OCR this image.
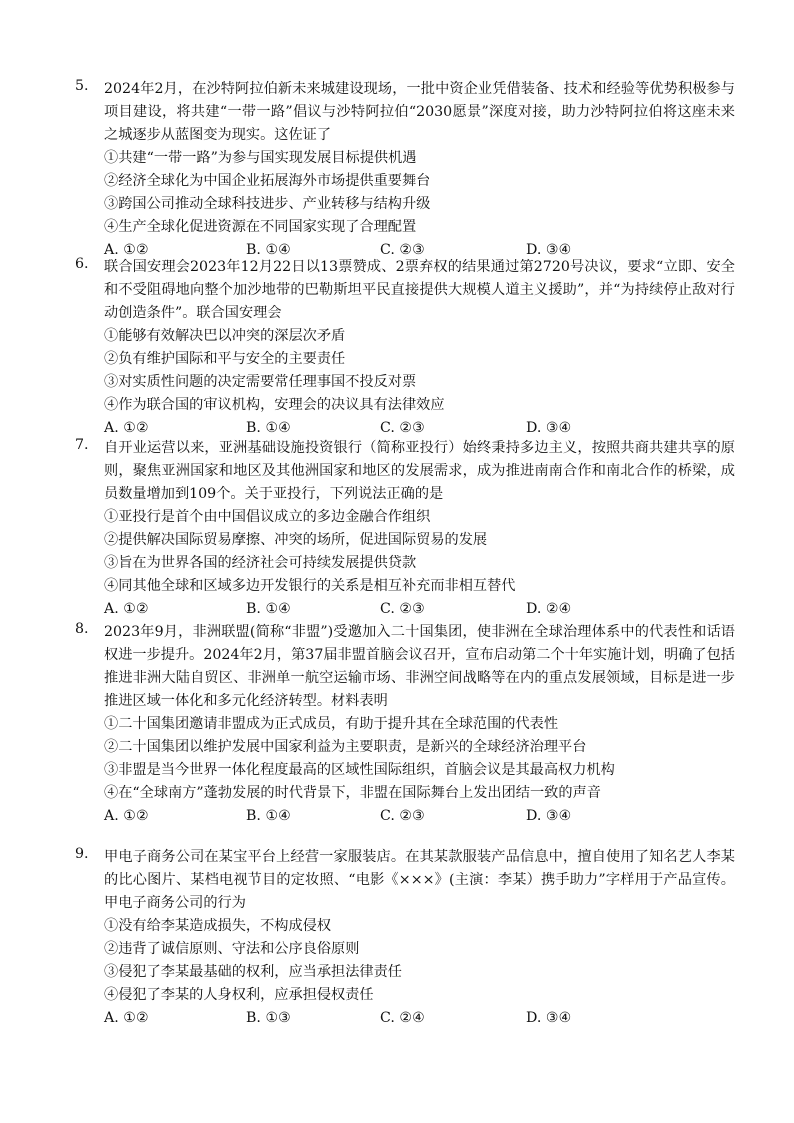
5.	2024年2月，在沙特阿拉伯新未来城建设现场，一批中资企业凭借装备、技术和经验等优势积极参与项目建设，将共建“一带一路”倡议与沙特阿拉伯“2030愿景”深度对接，助力沙特阿拉伯将这座未来之城逐步从蓝图变为现实。这佐证了

①共建“一带一路”为参与国实现发展目标提供机遇
②经济全球化为中国企业拓展海外市场提供重要舞台
③跨国公司推动全球科技进步、产业转移与结构升级
④生产全球化促进资源在不同国家实现了合理配置
A. ①②	B. ①④	C. ②③	D. ③④
6.	联合国安理会2023年12月22日以13票赞成、2票弃权的结果通过第2720号决议，要求“立即、安全和不受阻碍地向整个加沙地带的巴勒斯坦平民直接提供大规模人道主义援助”，并“为持续停止敌对行动创造条件”。联合国安理会

①能够有效解决巴以冲突的深层次矛盾
②负有维护国际和平与安全的主要责任
③对实质性问题的决定需要常任理事国不投反对票
④作为联合国的审议机构，安理会的决议具有法律效应
A. ①②	B. ①④	C. ②③	D. ③④
7.	自开业运营以来，亚洲基础设施投资银行（简称亚投行）始终秉持多边主义，按照共商共建共享的原则，聚焦亚洲国家和地区及其他洲国家和地区的发展需求，成为推进南南合作和南北合作的桥梁，成员数量增加到109个。关于亚投行，下列说法正确的是

①亚投行是首个由中国倡议成立的多边金融合作组织
②提供解决国际贸易摩擦、冲突的场所，促进国际贸易的发展
③旨在为世界各国的经济社会可持续发展提供贷款
④同其他全球和区域多边开发银行的关系是相互补充而非相互替代
A. ①②	B. ①④	C. ②③	D. ②④
8.	2023年9月，非洲联盟(简称“非盟”)受邀加入二十国集团，使非洲在全球治理体系中的代表性和话语权进一步提升。2024年2月，第37届非盟首脑会议召开，宣布启动第二个十年实施计划，明确了包括推进非洲大陆自贸区、非洲单一航空运输市场、非洲空间战略等在内的重点发展领域，目标是进一步推进区域一体化和多元化经济转型。材料表明

①二十国集团邀请非盟成为正式成员，有助于提升其在全球范围的代表性
②二十国集团以维护发展中国家利益为主要职责，是新兴的全球经济治理平台
③非盟是当今世界一体化程度最高的区域性国际组织，首脑会议是其最高权力机构
④在“全球南方”蓬勃发展的时代背景下，非盟在国际舞台上发出团结一致的声音
A. ①②	B. ①④	C. ②③	D. ③④
9.	甲电子商务公司在某宝平台上经营一家服装店。在其某款服装产品信息中，擅自使用了知名艺人李某的比心图片、某档电视节目的定妆照、“电影《×××》(主演：李某）携手助力”字样用于产品宣传。甲电子商务公司的行为

①没有给李某造成损失，不构成侵权
②违背了诚信原则、守法和公序良俗原则
③侵犯了李某最基础的权利，应当承担法律责任
④侵犯了李某的人身权利，应承担侵权责任
A. ①②	B. ①③	C. ②④	D. ③④
